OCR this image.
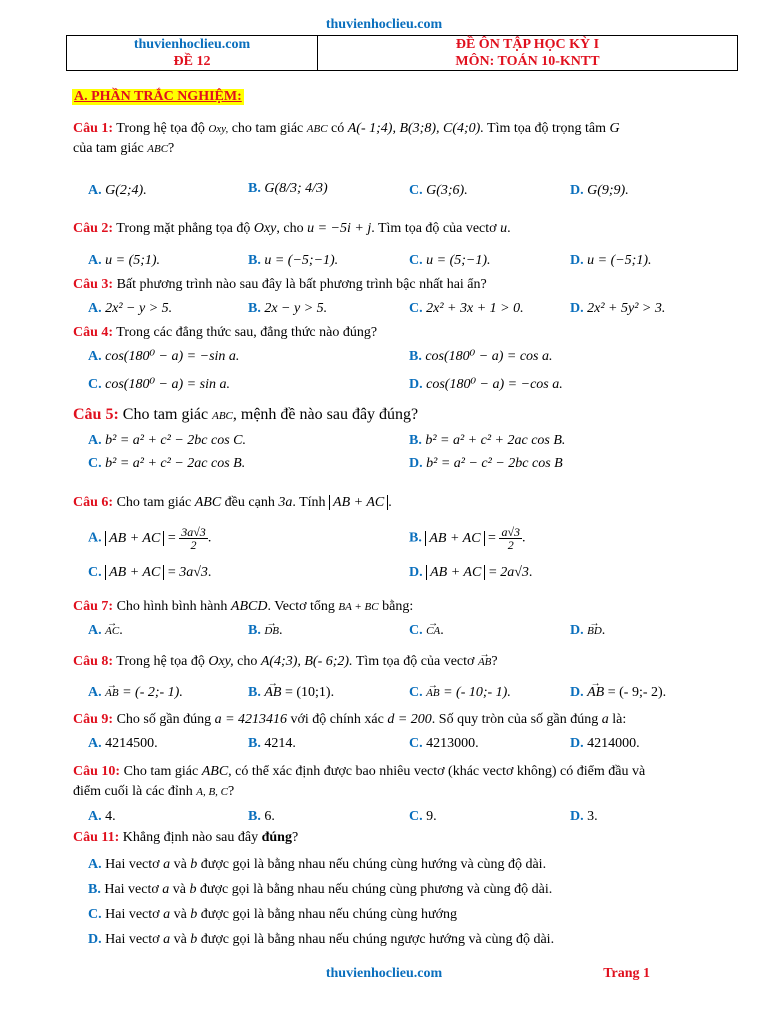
thuvienhoclieu.com
thuvienhoclieu.com
ĐỀ 12
ĐỀ ÔN TẬP HỌC KỲ I
MÔN: TOÁN 10-KNTT
A. PHẦN TRẮC NGHIỆM:
Câu 1: Trong hệ tọa độ Oxy, cho tam giác ABC có A(- 1;4), B(3;8), C(4;0). Tìm tọa độ trọng tâm G
của tam giác ABC?
A. G(2;4).	B. G(8/3; 4/3)	C. G(3;6).	D. G(9;9).
Câu 2: Trong mặt phẳng tọa độ Oxy, cho u = −5i + j. Tìm tọa độ của vectơ u.
A. u = (5;1).	B. u = (−5;−1).	C. u = (5;−1).	D. u = (−5;1).
Câu 3: Bất phương trình nào sau đây là bất phương trình bậc nhất hai ẩn?
A. 2x² − y > 5.	B. 2x − y > 5.	C. 2x² + 3x + 1 > 0.	D. 2x² + 5y² > 3.
Câu 4: Trong các đẳng thức sau, đẳng thức nào đúng?
A. cos(180⁰ − a) = −sin a.	B. cos(180⁰ − a) = cos a.
C. cos(180⁰ − a) = sin a.	D. cos(180⁰ − a) = −cos a.
Câu 5: Cho tam giác ABC, mệnh đề nào sau đây đúng?
A. b² = a² + c² − 2bc cos C.	B. b² = a² + c² + 2ac cos B.
C. b² = a² + c² − 2ac cos B.	D. b² = a² − c² − 2bc cos B
Câu 6: Cho tam giác ABC đều cạnh 3a. Tính AB + AC .
A. AB + AC = $\frac{3a√3}{2}$ .	B. AB + AC = $\frac{a√3}{2}$ .
C. AB + AC = 3a√3.	D. AB + AC = 2a√3.
Câu 7: Cho hình bình hành ABCD. Vectơ tổng BA + BC bằng:
A. → AC.	B. → DB.	C. → CA.	D. → BD.
Câu 8: Trong hệ tọa độ Oxy, cho A(4;3), B(- 6;2). Tìm tọa độ của vectơ → AB?
A. → AB = (- 2;- 1).	B. → AB = (10;1).	C. → AB = (- 10;- 1).	D. → AB = (- 9;- 2).
Câu 9: Cho số gần đúng a = 4213416 với độ chính xác d = 200. Số quy tròn của số gần đúng a là:
A. 4214500.	B. 4214.	C. 4213000.	D. 4214000.
Câu 10: Cho tam giác ABC, có thể xác định được bao nhiêu vectơ (khác vectơ không) có điểm đầu và
điểm cuối là các đỉnh A, B, C?
A. 4.	B. 6.	C. 9.	D. 3.
Câu 11: Khẳng định nào sau đây đúng?
A. Hai vectơ a và b được gọi là bằng nhau nếu chúng cùng hướng và cùng độ dài.
B. Hai vectơ a và b được gọi là bằng nhau nếu chúng cùng phương và cùng độ dài.
C. Hai vectơ a và b được gọi là bằng nhau nếu chúng cùng hướng
D. Hai vectơ a và b được gọi là bằng nhau nếu chúng ngược hướng và cùng độ dài.
thuvienhoclieu.com	Trang 1
